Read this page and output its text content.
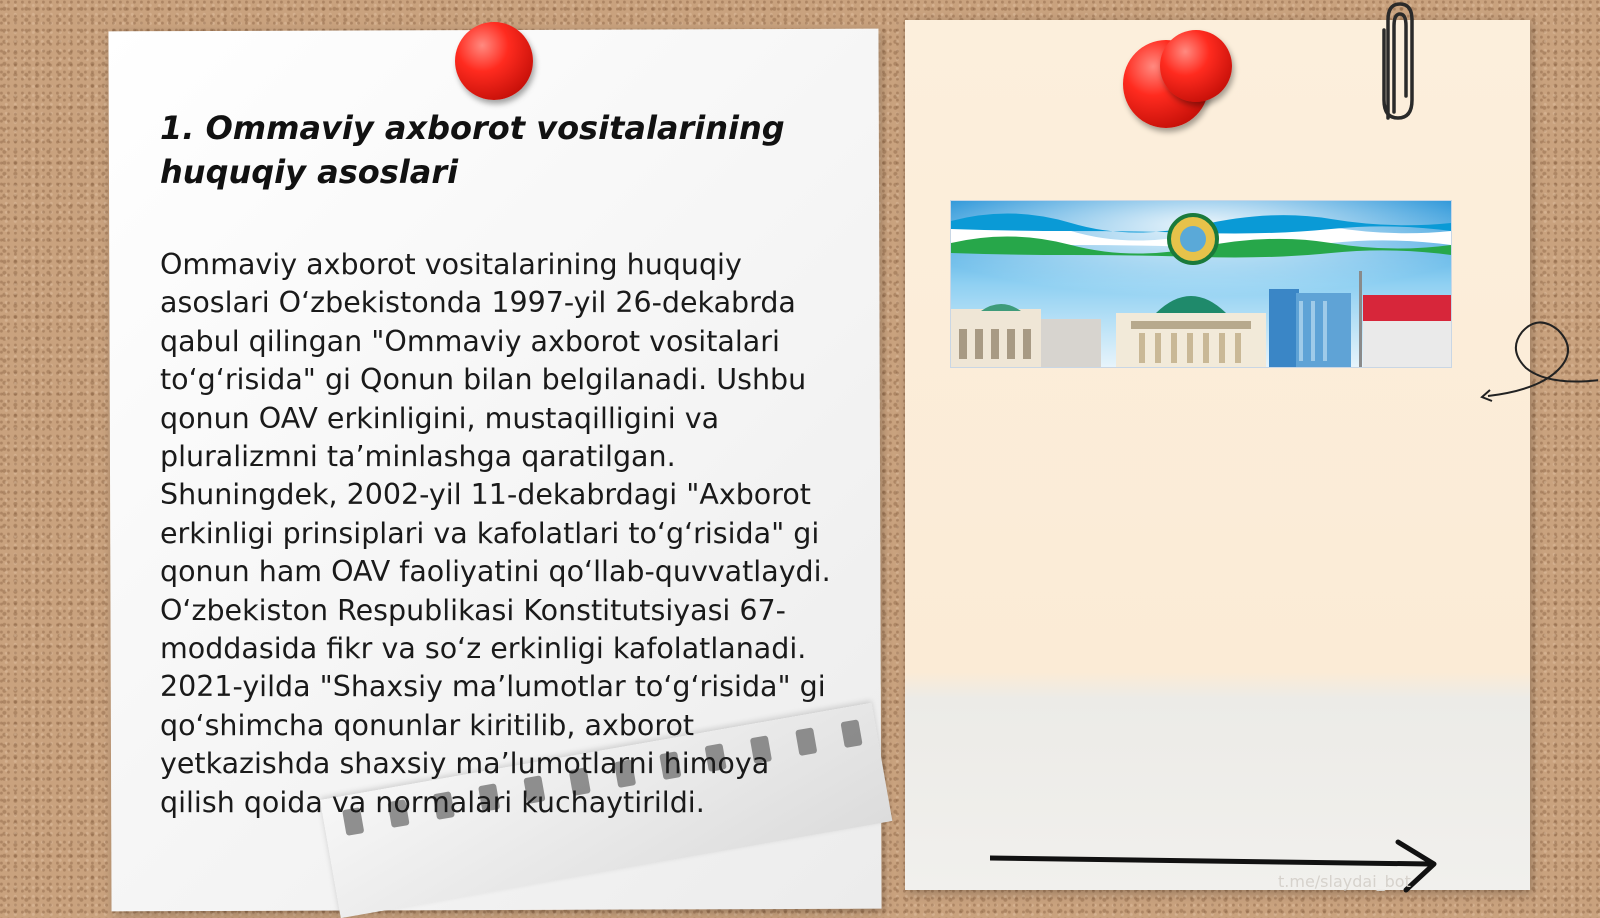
1. Ommaviy axborot vositalarining huquqiy asoslari

Ommaviy axborot vositalarining huquqiy asoslari O‘zbekistonda 1997-yil 26-dekabrda qabul qilingan "Ommaviy axborot vositalari to‘g‘risida" gi Qonun bilan belgilanadi. Ushbu qonun OAV erkinligini, mustaqilligini va pluralizmni ta’minlashga qaratilgan. Shuningdek, 2002-yil 11-dekabrdagi "Axborot erkinligi prinsiplari va kafolatlari to‘g‘risida" gi qonun ham OAV faoliyatini qo‘llab-quvvatlaydi. O‘zbekiston Respublikasi Konstitutsiyasi 67-moddasida fikr va so‘z erkinligi kafolatlanadi. 2021-yilda "Shaxsiy ma’lumotlar to‘g‘risida" gi qo‘shimcha qonunlar kiritilib, axborot yetkazishda shaxsiy ma’lumotlarni himoya qilish qoida va normalari kuchaytirildi.

t.me/slaydai_bot
